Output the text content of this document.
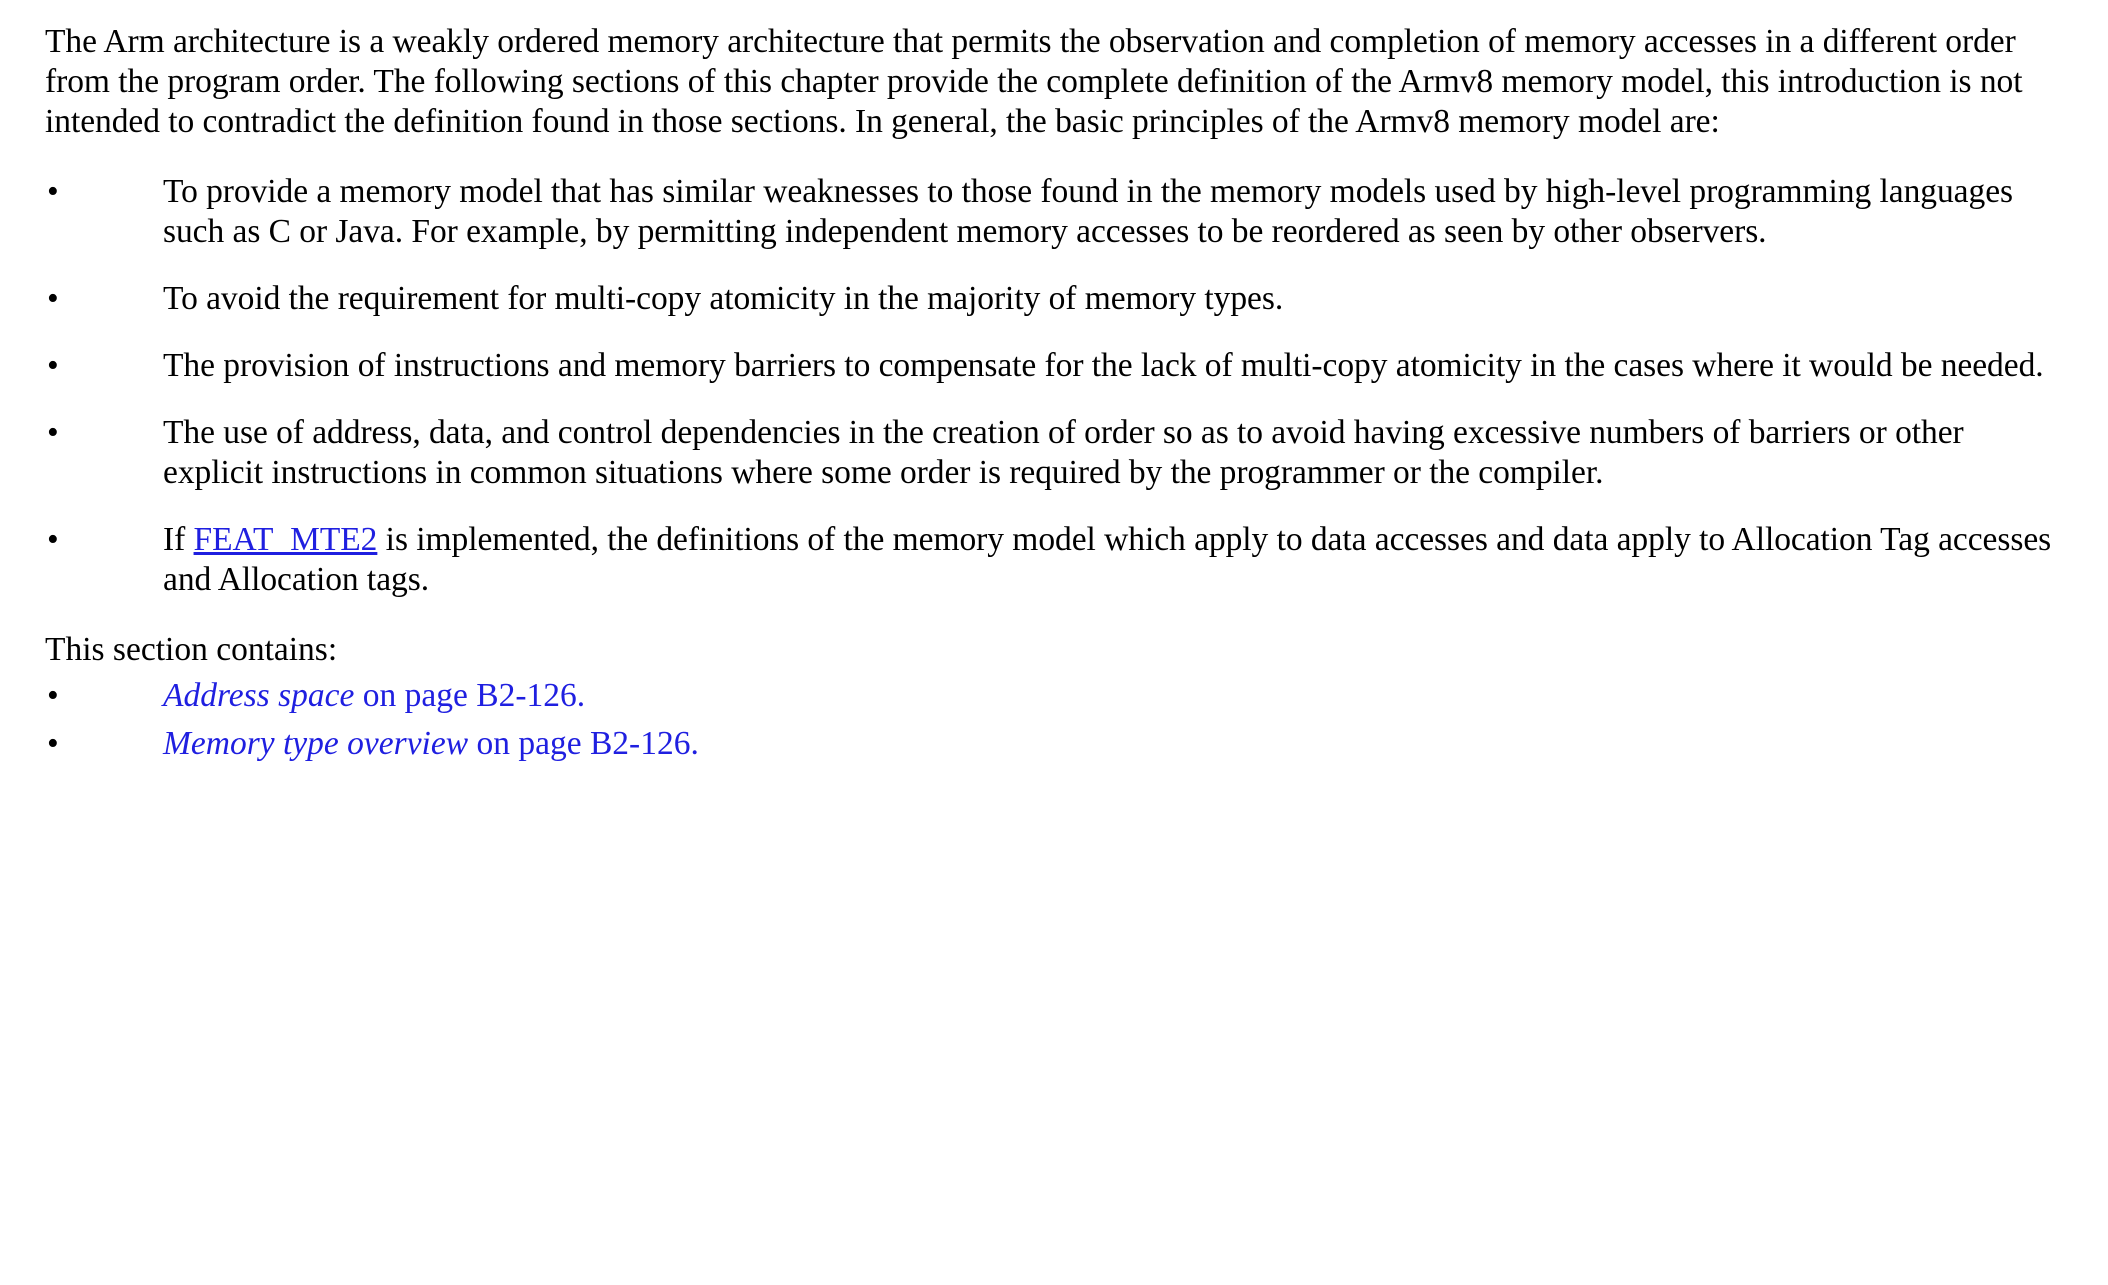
The Arm architecture is a weakly ordered memory architecture that permits the observation and completion of memory accesses in a different order from the program order. The following sections of this chapter provide the complete definition of the Armv8 memory model, this introduction is not intended to contradict the definition found in those sections. In general, the basic principles of the Armv8 memory model are:

•	To provide a memory model that has similar weaknesses to those found in the memory models used by high-level programming languages such as C or Java. For example, by permitting independent memory accesses to be reordered as seen by other observers.
•	To avoid the requirement for multi-copy atomicity in the majority of memory types.
•	The provision of instructions and memory barriers to compensate for the lack of multi-copy atomicity in the cases where it would be needed.
•	The use of address, data, and control dependencies in the creation of order so as to avoid having excessive numbers of barriers or other explicit instructions in common situations where some order is required by the programmer or the compiler.
•	If FEAT_MTE2 is implemented, the definitions of the memory model which apply to data accesses and data apply to Allocation Tag accesses and Allocation tags.

This section contains:

•	Address space on page B2-126.
•	Memory type overview on page B2-126.
